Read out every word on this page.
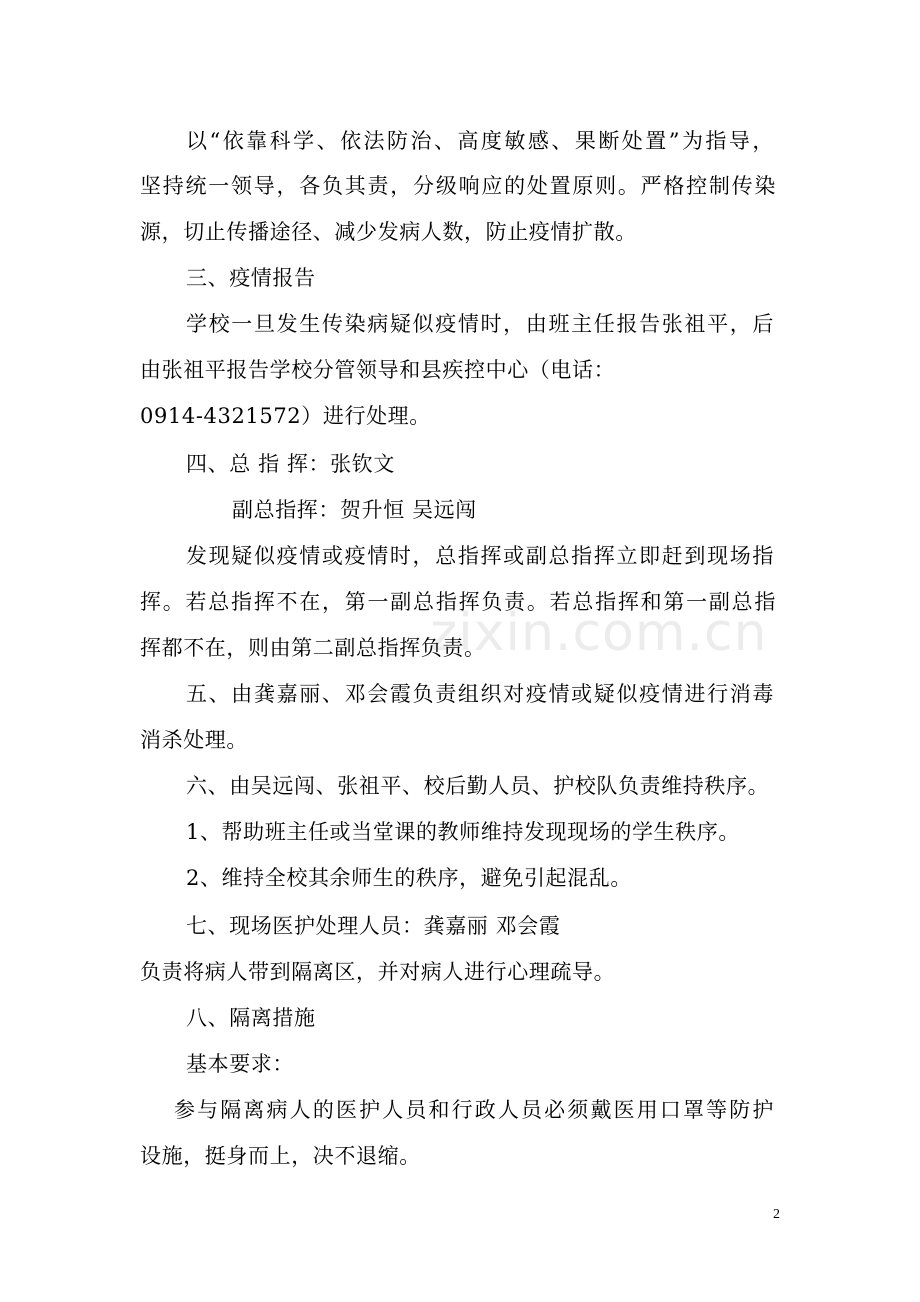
zixin.com.cn
以“依靠科学、依法防治、高度敏感、果断处置”为指导，
坚持统一领导，各负其责，分级响应的处置原则。严格控制传染
源，切止传播途径、减少发病人数，防止疫情扩散。
三、疫情报告
学校一旦发生传染病疑似疫情时，由班主任报告张祖平，后
由张祖平报告学校分管领导和县疾控中心（电话：
0914-4321572）进行处理。
四、总 指 挥：张钦文
副总指挥：贺升恒 吴远闯
发现疑似疫情或疫情时，总指挥或副总指挥立即赶到现场指
挥。若总指挥不在，第一副总指挥负责。若总指挥和第一副总指
挥都不在，则由第二副总指挥负责。
五、由龚嘉丽、邓会霞负责组织对疫情或疑似疫情进行消毒
消杀处理。
六、由吴远闯、张祖平、校后勤人员、护校队负责维持秩序。
1、帮助班主任或当堂课的教师维持发现现场的学生秩序。
2、维持全校其余师生的秩序，避免引起混乱。
七、现场医护处理人员：龚嘉丽 邓会霞
负责将病人带到隔离区，并对病人进行心理疏导。
八、隔离措施
基本要求：
参与隔离病人的医护人员和行政人员必须戴医用口罩等防护
设施，挺身而上，决不退缩。
2
